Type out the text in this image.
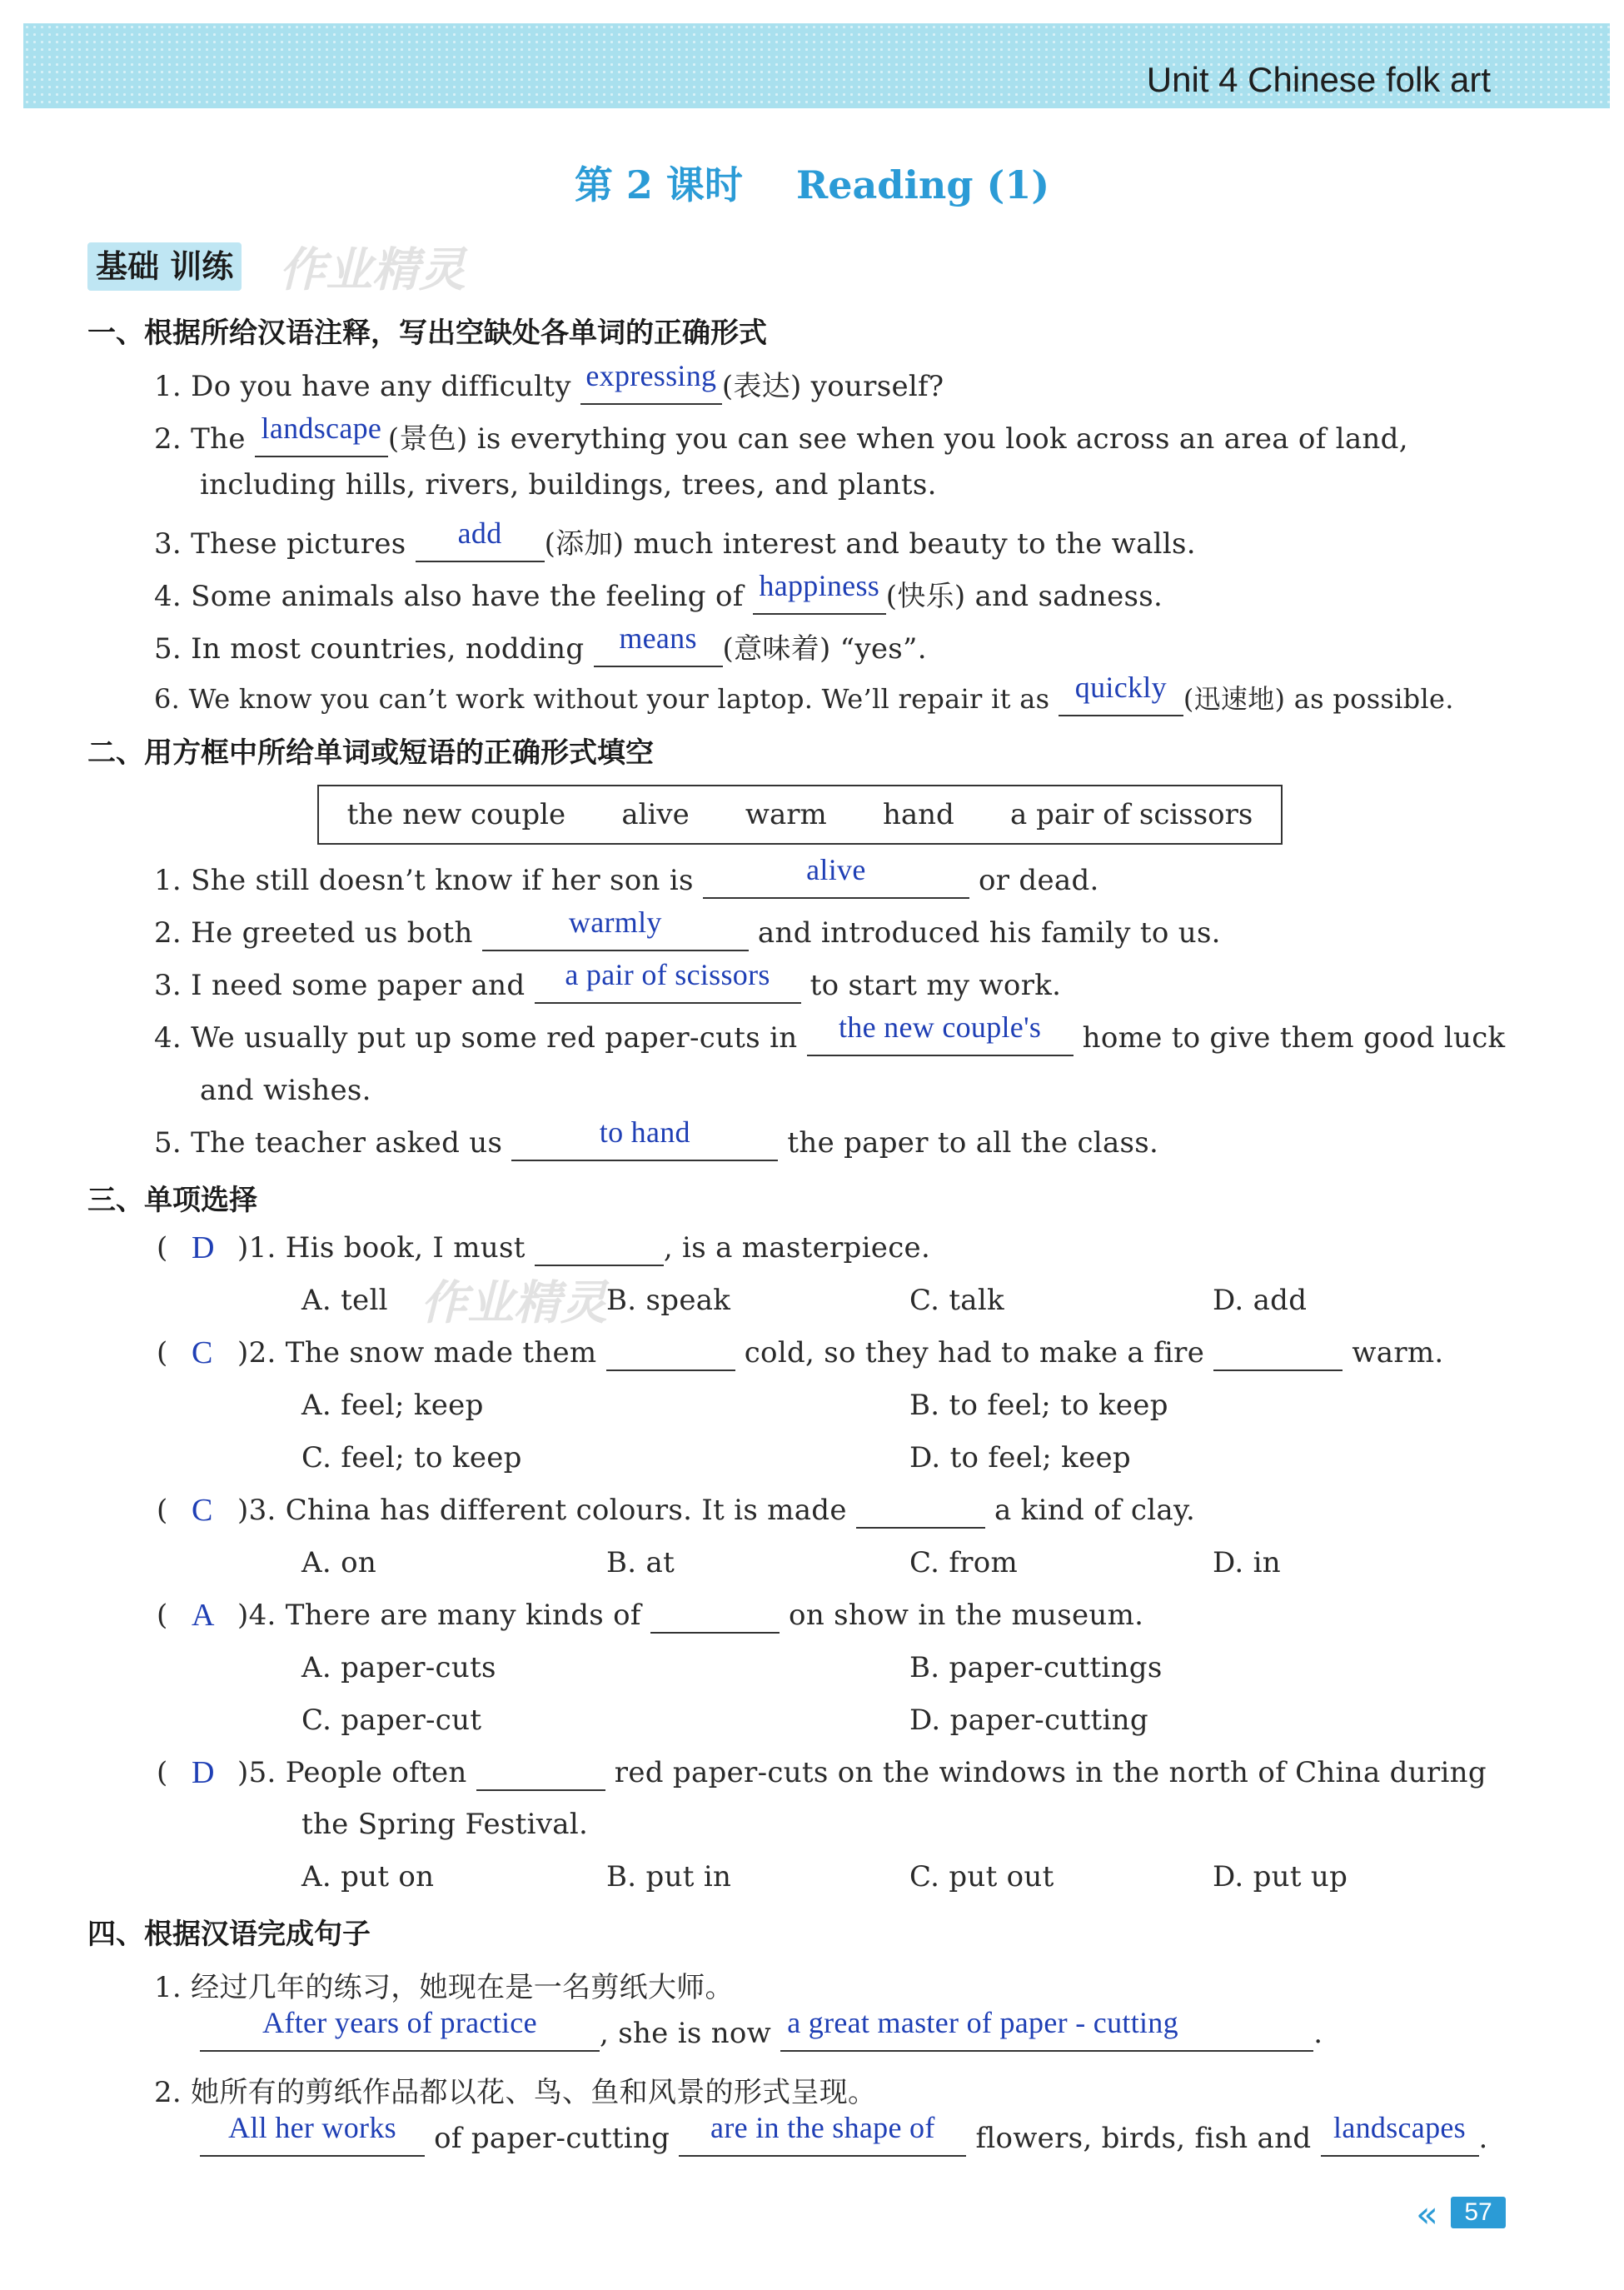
Unit 4 Chinese folk art
第 2 课时    Reading (1)
基础 训练 作业精灵
作业精灵
一、根据所给汉语注释，写出空缺处各单词的正确形式
1. Do you have any difficulty expressing (表达) yourself?
2. The landscape (景色) is everything you can see when you look across an area of land,
including hills, rivers, buildings, trees, and plants.
3. These pictures	add	(添加) much interest and beauty to the walls.
4. Some animals also have the feeling of happiness (快乐) and sadness.
5. In most countries, nodding means (意味着) “yes”.
6. We know you can’t work without your laptop. We’ll repair it as quickly (迅速地) as possible.
二、用方框中所给单词或短语的正确形式填空
the new couple alive warm hand a pair of scissors
1. She still doesn’t know if her son is	alive	or dead.
2. He greeted us both	warmly	and introduced his family to us.
3. I need some paper and	a pair of scissors	to start my work.
4. We usually put up some red paper-cuts in	the new couple's	home to give them good luck
and wishes.
5. The teacher asked us	to hand	the paper to all the class.
三、单项选择
( D )1. His book, I must	, is a masterpiece.
A. tell	B. speak	C. talk	D. add
( C )2. The snow made them	cold, so they had to make a fire	warm.
A. feel; keep	B. to feel; to keep
C. feel; to keep	D. to feel; keep
( C )3. China has different colours. It is made	a kind of clay.
A. on	B. at	C. from	D. in
( A )4. There are many kinds of	on show in the museum.
A. paper-cuts	B. paper-cuttings
C. paper-cut	D. paper-cutting
( D )5. People often	red paper-cuts on the windows in the north of China during
the Spring Festival.
A. put on	B. put in	C. put out	D. put up
四、根据汉语完成句子
1. 经过几年的练习，她现在是一名剪纸大师。
After years of practice	, she is now a great master of paper - cutting	.
2. 她所有的剪纸作品都以花、鸟、鱼和风景的形式呈现。
All her works	of paper-cutting	are in the shape of	flowers, birds, fish and landscapes .
«	57
